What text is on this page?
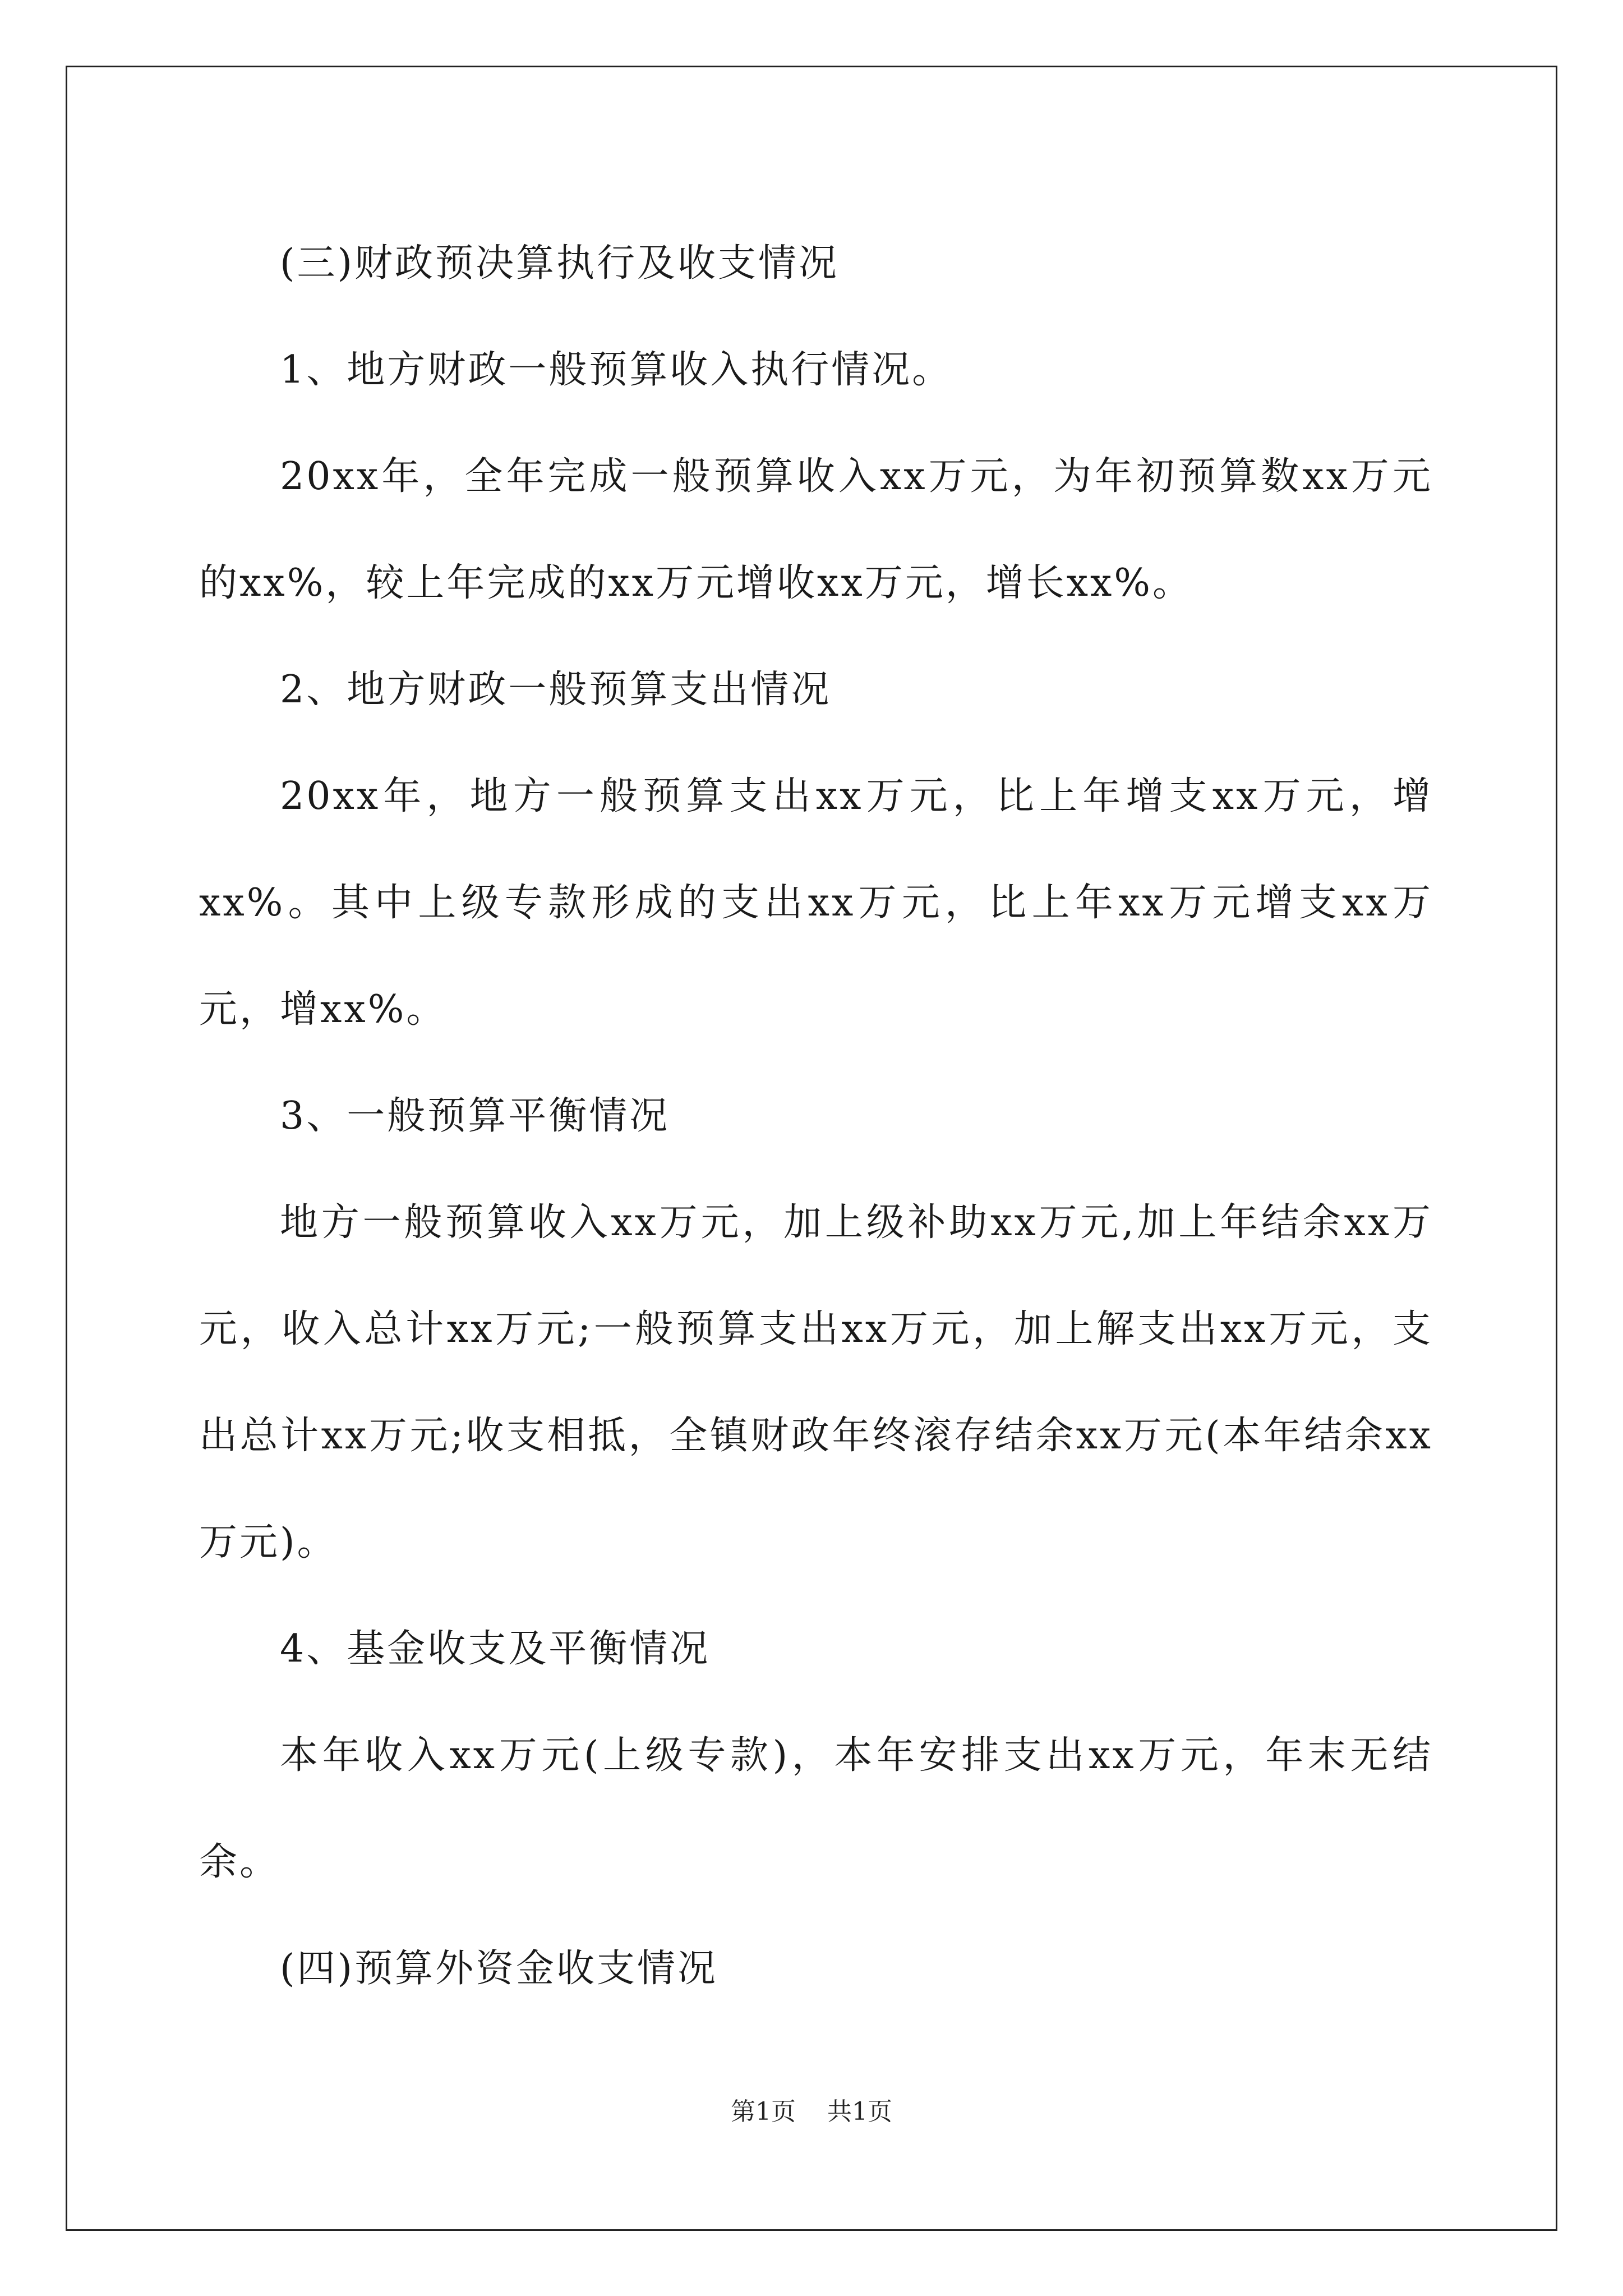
(三)财政预决算执行及收支情况

1、地方财政一般预算收入执行情况。

20xx年，全年完成一般预算收入xx万元，为年初预算数xx万元的xx%，较上年完成的xx万元增收xx万元，增长xx%。

2、地方财政一般预算支出情况

20xx年，地方一般预算支出xx万元，比上年增支xx万元，增xx%。其中上级专款形成的支出xx万元，比上年xx万元增支xx万元，增xx%。

3、一般预算平衡情况

地方一般预算收入xx万元，加上级补助xx万元,加上年结余xx万元，收入总计xx万元;一般预算支出xx万元，加上解支出xx万元，支出总计xx万元;收支相抵，全镇财政年终滚存结余xx万元(本年结余xx万元)。

4、基金收支及平衡情况

本年收入xx万元(上级专款)，本年安排支出xx万元，年末无结余。

(四)预算外资金收支情况

第1页 共1页
